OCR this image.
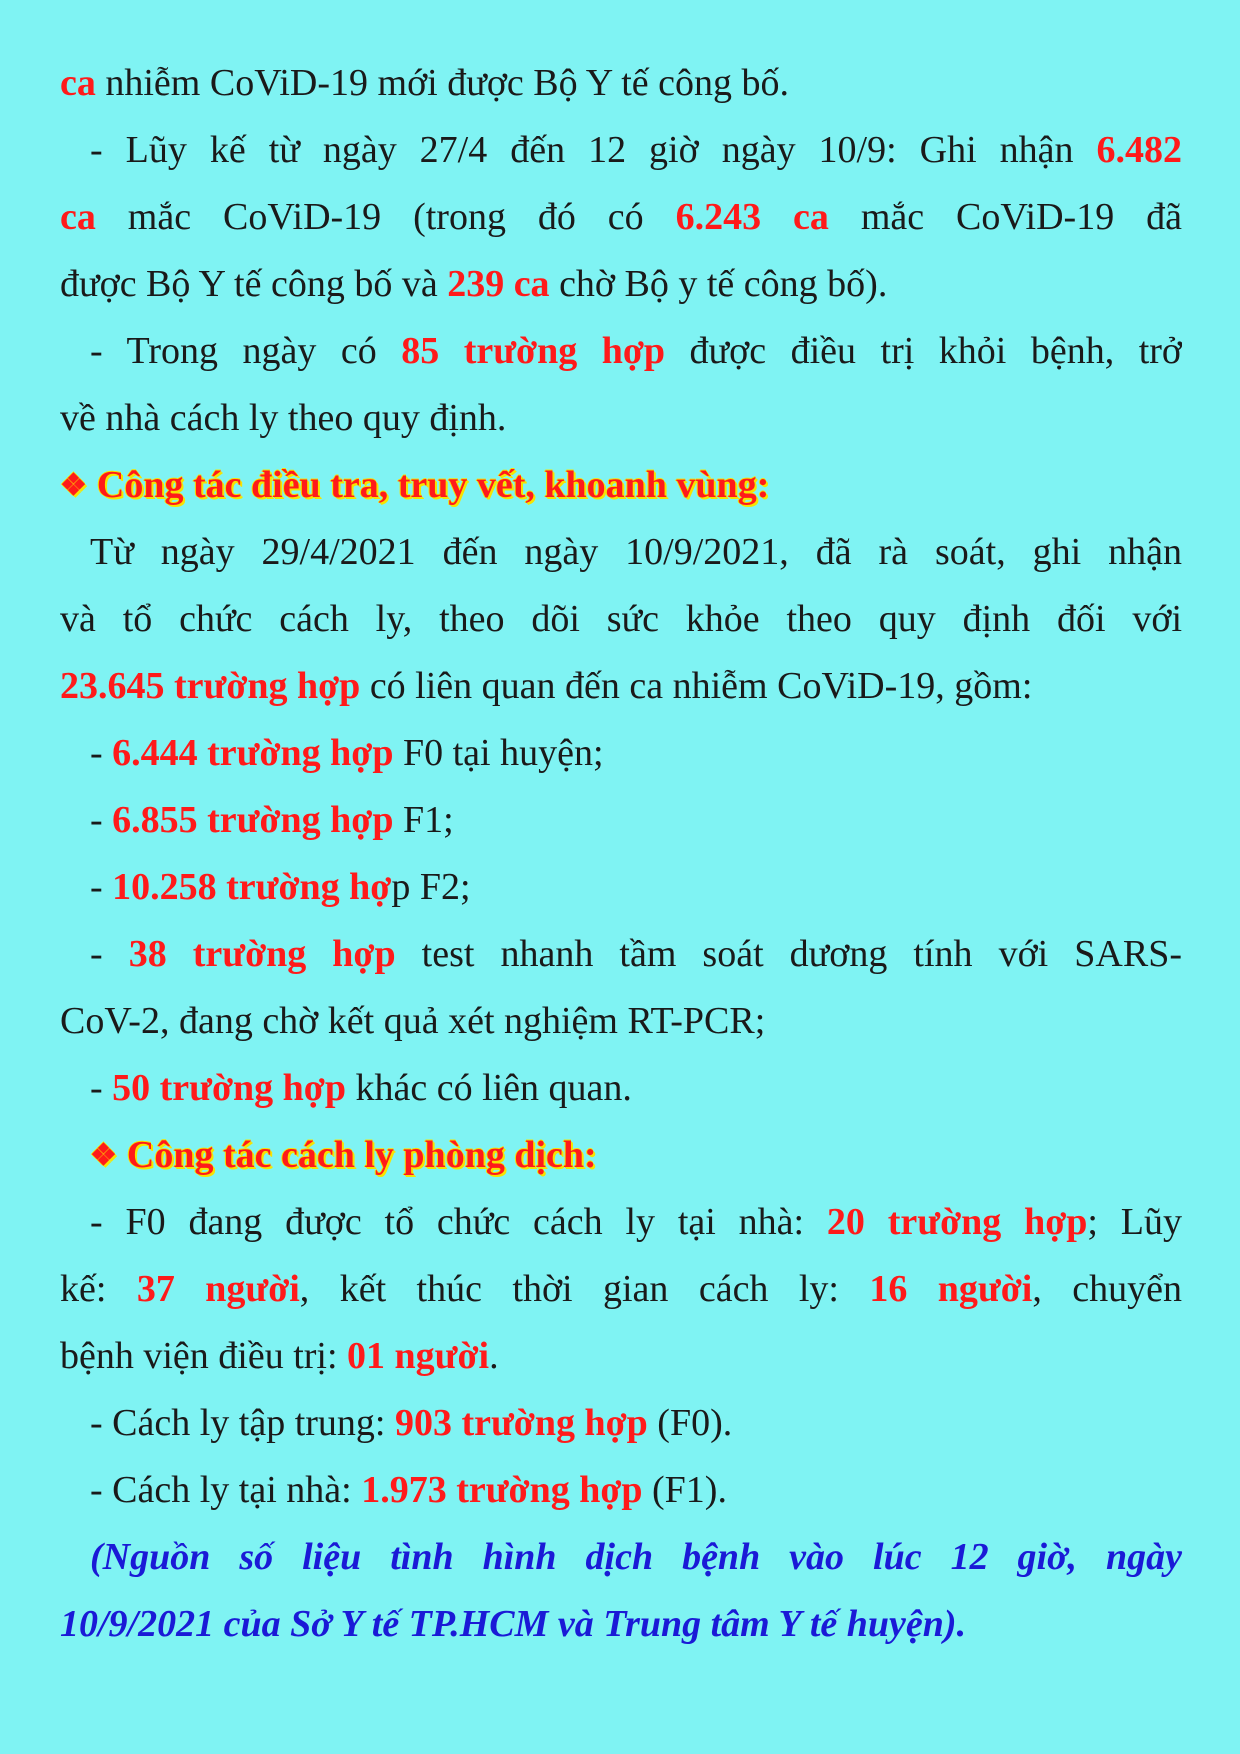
ca nhiễm CoViD-19 mới được Bộ Y tế công bố.
- Lũy kế từ ngày 27/4 đến 12 giờ ngày 10/9: Ghi nhận 6.482
ca mắc CoViD-19 (trong đó có 6.243 ca mắc CoViD-19 đã
được Bộ Y tế công bố và 239 ca chờ Bộ y tế công bố).
- Trong ngày có 85 trường hợp được điều trị khỏi bệnh, trở
về nhà cách ly theo quy định.
❖ Công tác điều tra, truy vết, khoanh vùng:
Từ ngày 29/4/2021 đến ngày 10/9/2021, đã rà soát, ghi nhận
và tổ chức cách ly, theo dõi sức khỏe theo quy định đối với
23.645 trường hợp có liên quan đến ca nhiễm CoViD-19, gồm:
- 6.444 trường hợp F0 tại huyện;
- 6.855 trường hợp F1;
- 10.258 trường hợp F2;
- 38 trường hợp test nhanh tầm soát dương tính với SARS-
CoV-2, đang chờ kết quả xét nghiệm RT-PCR;
- 50 trường hợp khác có liên quan.
❖ Công tác cách ly phòng dịch:
- F0 đang được tổ chức cách ly tại nhà: 20 trường hợp; Lũy
kế: 37 người, kết thúc thời gian cách ly: 16 người, chuyển
bệnh viện điều trị: 01 người.
- Cách ly tập trung: 903 trường hợp (F0).
- Cách ly tại nhà: 1.973 trường hợp (F1).
(Nguồn số liệu tình hình dịch bệnh vào lúc 12 giờ, ngày
10/9/2021 của Sở Y tế TP.HCM và Trung tâm Y tế huyện).
